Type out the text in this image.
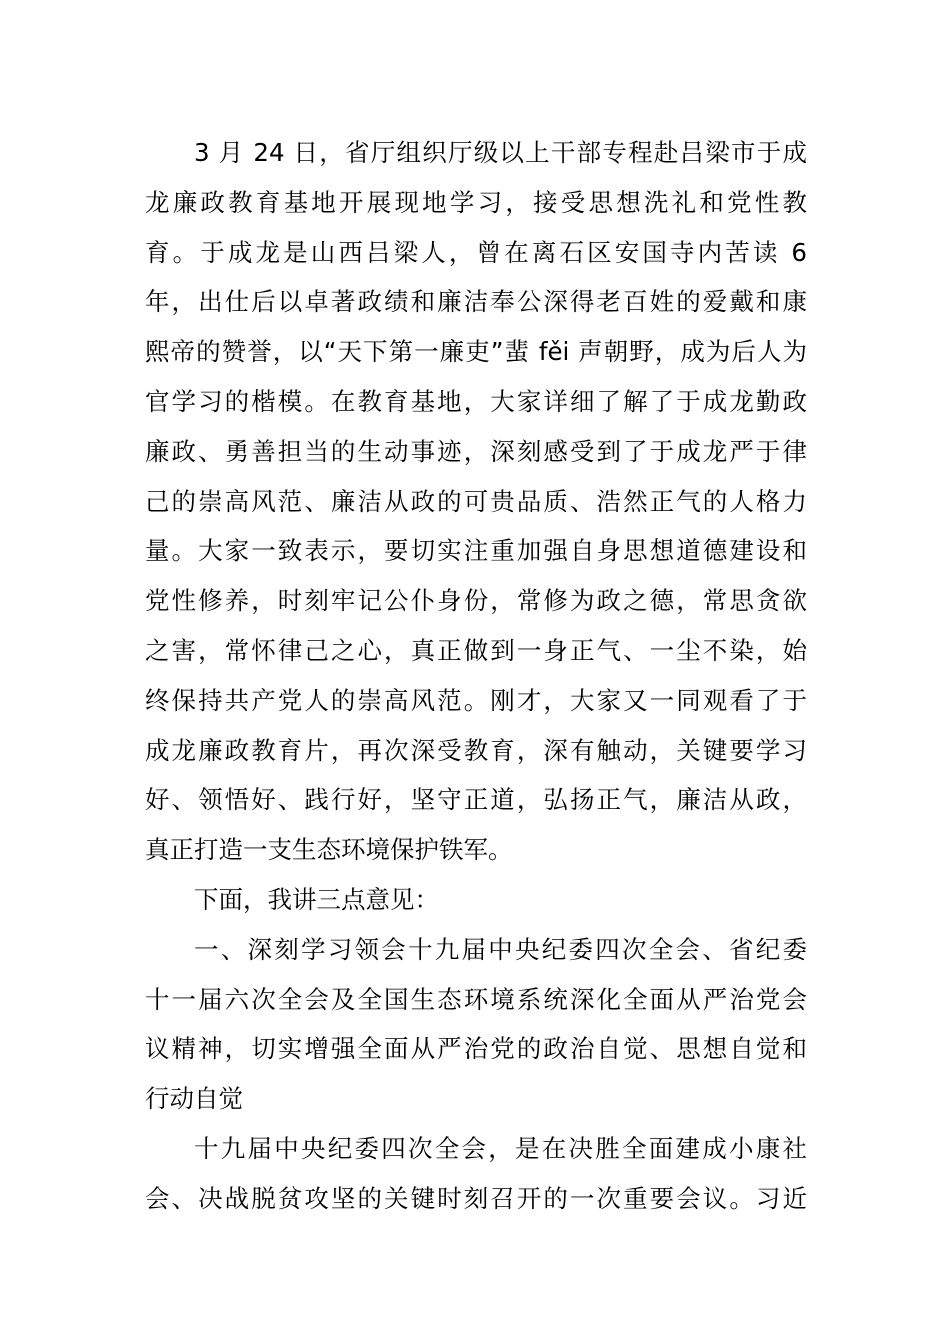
3 月 24 日，省厅组织厅级以上干部专程赴吕梁市于成
龙廉政教育基地开展现地学习，接受思想洗礼和党性教
育。于成龙是山西吕梁人，曾在离石区安国寺内苦读 6
年，出仕后以卓著政绩和廉洁奉公深得老百姓的爱戴和康
熙帝的赞誉，以“天下第一廉吏”蜚 fěi 声朝野，成为后人为
官学习的楷模。在教育基地，大家详细了解了于成龙勤政
廉政、勇善担当的生动事迹，深刻感受到了于成龙严于律
己的崇高风范、廉洁从政的可贵品质、浩然正气的人格力
量。大家一致表示，要切实注重加强自身思想道德建设和
党性修养，时刻牢记公仆身份，常修为政之德，常思贪欲
之害，常怀律己之心，真正做到一身正气、一尘不染，始
终保持共产党人的崇高风范。刚才，大家又一同观看了于
成龙廉政教育片，再次深受教育，深有触动，关键要学习
好、领悟好、践行好，坚守正道，弘扬正气，廉洁从政，
真正打造一支生态环境保护铁军。
下面，我讲三点意见：
一、深刻学习领会十九届中央纪委四次全会、省纪委
十一届六次全会及全国生态环境系统深化全面从严治党会
议精神，切实增强全面从严治党的政治自觉、思想自觉和
行动自觉
十九届中央纪委四次全会，是在决胜全面建成小康社
会、决战脱贫攻坚的关键时刻召开的一次重要会议。习近
